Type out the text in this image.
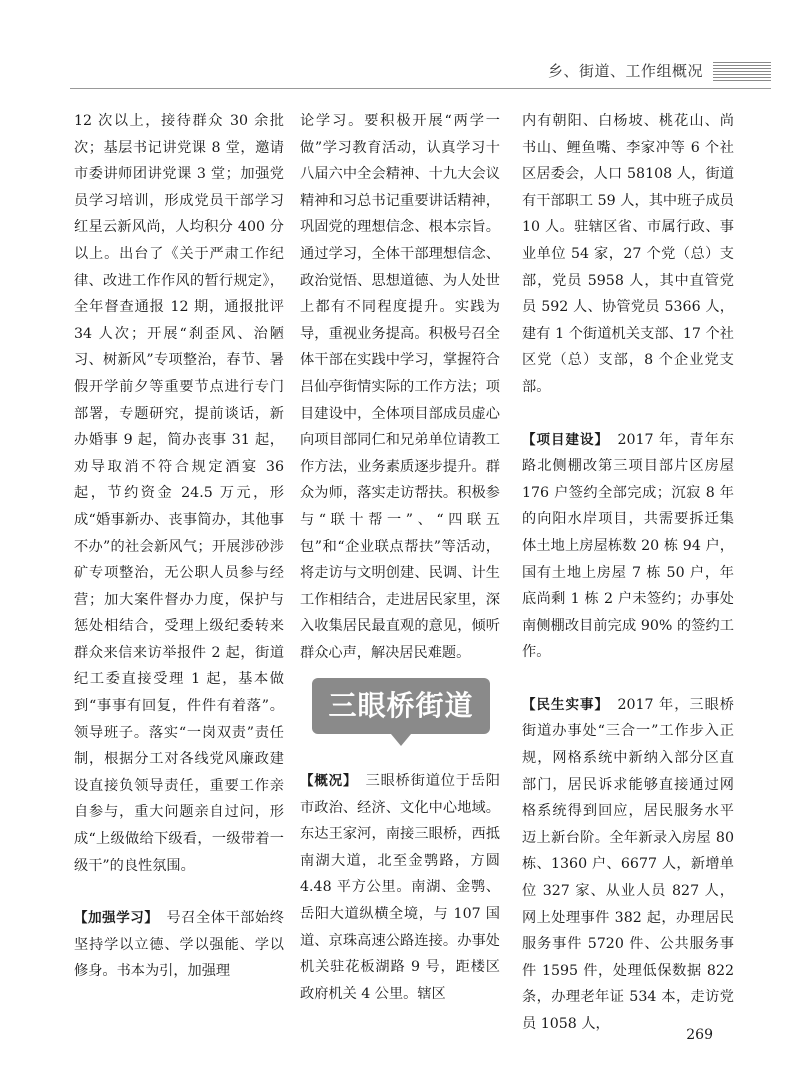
乡、街道、工作组概况

12 次以上，接待群众 30 余批次；基层书记讲党课 8 堂，邀请市委讲师团讲党课 3 堂；加强党员学习培训，形成党员干部学习红星云新风尚，人均积分 400 分以上。出台了《关于严肃工作纪律、改进工作作风的暂行规定》，全年督查通报 12 期，通报批评 34 人次；开展“刹歪风、治陋习、树新风”专项整治，春节、暑假开学前夕等重要节点进行专门部署，专题研究，提前谈话，新办婚事 9 起，简办丧事 31 起，劝导取消不符合规定酒宴 36 起，节约资金 24.5 万元，形成“婚事新办、丧事简办，其他事不办”的社会新风气；开展涉砂涉矿专项整治，无公职人员参与经营；加大案件督办力度，保护与惩处相结合，受理上级纪委转来群众来信来访举报件 2 起，街道纪工委直接受理 1 起，基本做到“事事有回复，件件有着落”。领导班子。落实“一岗双责”责任制，根据分工对各线党风廉政建设直接负领导责任，重要工作亲自参与，重大问题亲自过问，形成“上级做给下级看，一级带着一级干”的良性氛围。

【加强学习】　 号召全体干部始终坚持学以立德、学以强能、学以修身。书本为引，加强理

论学习。要积极开展“两学一做”学习教育活动，认真学习十八届六中全会精神、十九大会议精神和习总书记重要讲话精神，巩固党的理想信念、根本宗旨。通过学习，全体干部理想信念、政治觉悟、思想道德、为人处世上都有不同程度提升。实践为导，重视业务提高。积极号召全体干部在实践中学习，掌握符合吕仙亭街情实际的工作方法；项目建设中，全体项目部成员虚心向项目部同仁和兄弟单位请教工作方法，业务素质逐步提升。群众为师，落实走访帮扶。积极参与“联十帮一”、“四联五包”和“企业联点帮扶”等活动，将走访与文明创建、民调、计生工作相结合，走进居民家里，深入收集居民最直观的意见，倾听群众心声，解决居民难题。

三眼桥街道

【概况】　 三眼桥街道位于岳阳市政治、经济、文化中心地域。东达王家河，南接三眼桥，西抵南湖大道，北至金鹗路，方圆 4.48 平方公里。南湖、金鹗、岳阳大道纵横全境，与 107 国道、京珠高速公路连接。办事处机关驻花板湖路 9 号，距楼区政府机关 4 公里。辖区

内有朝阳、白杨坡、桃花山、尚书山、鲤鱼嘴、李家冲等 6 个社区居委会，人口 58108 人，街道有干部职工 59 人，其中班子成员 10 人。驻辖区省、市属行政、事业单位 54 家，27 个党（总）支部，党员 5958 人，其中直管党员 592 人、协管党员 5366 人，建有 1 个街道机关支部、17 个社区党（总）支部，8 个企业党支部。

【项目建设】　 2017 年，青年东路北侧棚改第三项目部片区房屋 176 户签约全部完成；沉寂 8 年的向阳水岸项目，共需要拆迁集体土地上房屋栋数 20 栋 94 户，国有土地上房屋 7 栋 50 户，年底尚剩 1 栋 2 户未签约；办事处南侧棚改目前完成 90% 的签约工作。

【民生实事】　 2017 年，三眼桥街道办事处“三合一”工作步入正规，网格系统中新纳入部分区直部门，居民诉求能够直接通过网格系统得到回应，居民服务水平迈上新台阶。全年新录入房屋 80 栋、1360 户、6677 人，新增单位 327 家、从业人员 827 人，网上处理事件 382 起，办理居民服务事件 5720 件、公共服务事件 1595 件，处理低保数据 822 条，办理老年证 534 本，走访党员 1058 人，

269
